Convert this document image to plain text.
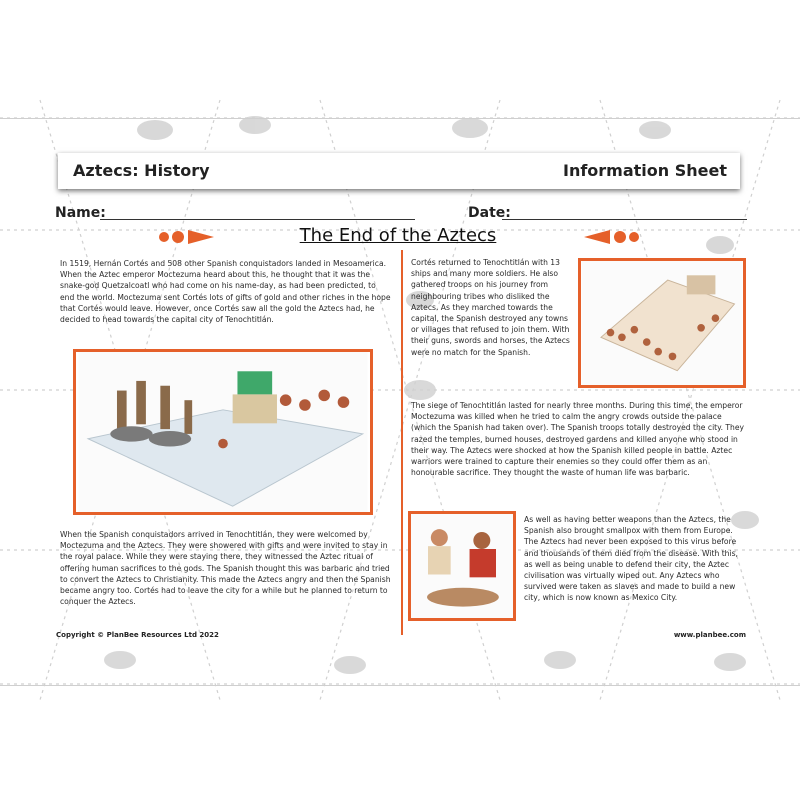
Aztecs: History	Information Sheet
Name:	Date:
The End of the Aztecs
In 1519, Hernán Cortés and 508 other Spanish conquistadors landed in Mesoamerica. When the Aztec emperor Moctezuma heard about this, he thought that it was the snake-god Quetzalcoatl who had come on his name-day, as had been predicted, to end the world. Moctezuma sent Cortés lots of gifts of gold and other riches in the hope that Cortés would leave. However, once Cortés saw all the gold the Aztecs had, he decided to head towards the capital city of Tenochtitlán.
When the Spanish conquistadors arrived in Tenochtitlán, they were welcomed by Moctezuma and the Aztecs. They were showered with gifts and were invited to stay in the royal palace. While they were staying there, they witnessed the Aztec ritual of offering human sacrifices to the gods. The Spanish thought this was barbaric and tried to convert the Aztecs to Christianity. This made the Aztecs angry and then the Spanish became angry too. Cortés had to leave the city for a while but he planned to return to conquer the Aztecs.
Cortés returned to Tenochtitlán with 13 ships and many more soldiers. He also gathered troops on his journey from neighbouring tribes who disliked the Aztecs. As they marched towards the capital, the Spanish destroyed any towns or villages that refused to join them. With their guns, swords and horses, the Aztecs were no match for the Spanish.
The siege of Tenochtitlán lasted for nearly three months. During this time, the emperor Moctezuma was killed when he tried to calm the angry crowds outside the palace (which the Spanish had taken over). The Spanish troops totally destroyed the city. They razed the temples, burned houses, destroyed gardens and killed anyone who stood in their way. The Aztecs were shocked at how the Spanish killed people in battle. Aztec warriors were trained to capture their enemies so they could offer them as an honourable sacrifice. They thought the waste of human life was barbaric.
As well as having better weapons than the Aztecs, the Spanish also brought smallpox with them from Europe. The Aztecs had never been exposed to this virus before and thousands of them died from the disease. With this, as well as being unable to defend their city, the Aztec civilisation was virtually wiped out. Any Aztecs who survived were taken as slaves and made to build a new city, which is now known as Mexico City.
Copyright © PlanBee Resources Ltd 2022	www.planbee.com
